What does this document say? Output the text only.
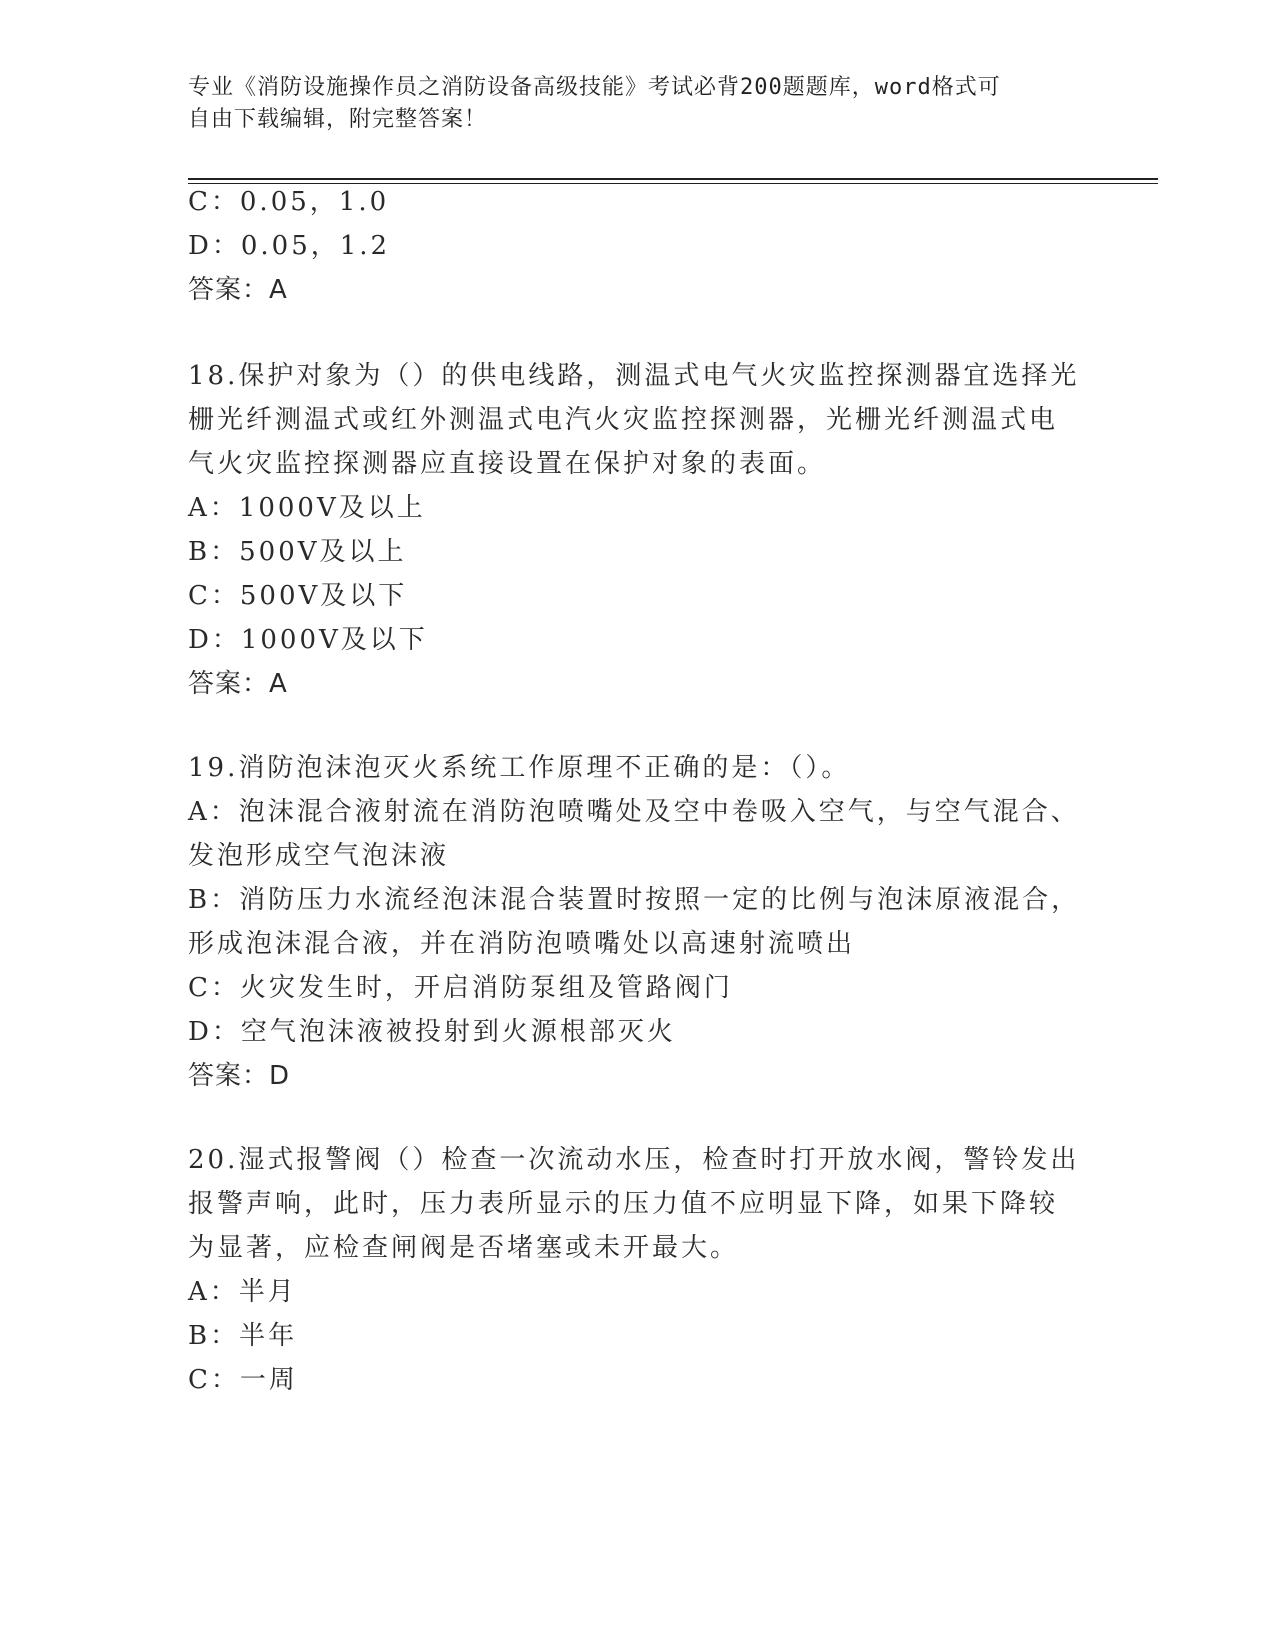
专业《消防设施操作员之消防设备高级技能》考试必背200题题库，word格式可
自由下载编辑，附完整答案！
C：0.05，1.0
D：0.05，1.2
答案：A
18.保护对象为（）的供电线路，测温式电气火灾监控探测器宜选择光
栅光纤测温式或红外测温式电汽火灾监控探测器，光栅光纤测温式电
气火灾监控探测器应直接设置在保护对象的表面。
A：1000V及以上
B：500V及以上
C：500V及以下
D：1000V及以下
答案：A
19.消防泡沫泡灭火系统工作原理不正确的是：（）。
A：泡沫混合液射流在消防泡喷嘴处及空中卷吸入空气，与空气混合、
发泡形成空气泡沫液
B：消防压力水流经泡沫混合装置时按照一定的比例与泡沫原液混合，
形成泡沫混合液，并在消防泡喷嘴处以高速射流喷出
C：火灾发生时，开启消防泵组及管路阀门
D：空气泡沫液被投射到火源根部灭火
答案：D
20.湿式报警阀（）检查一次流动水压，检查时打开放水阀，警铃发出
报警声响，此时，压力表所显示的压力值不应明显下降，如果下降较
为显著，应检查闸阀是否堵塞或未开最大。
A：半月
B：半年
C：一周
